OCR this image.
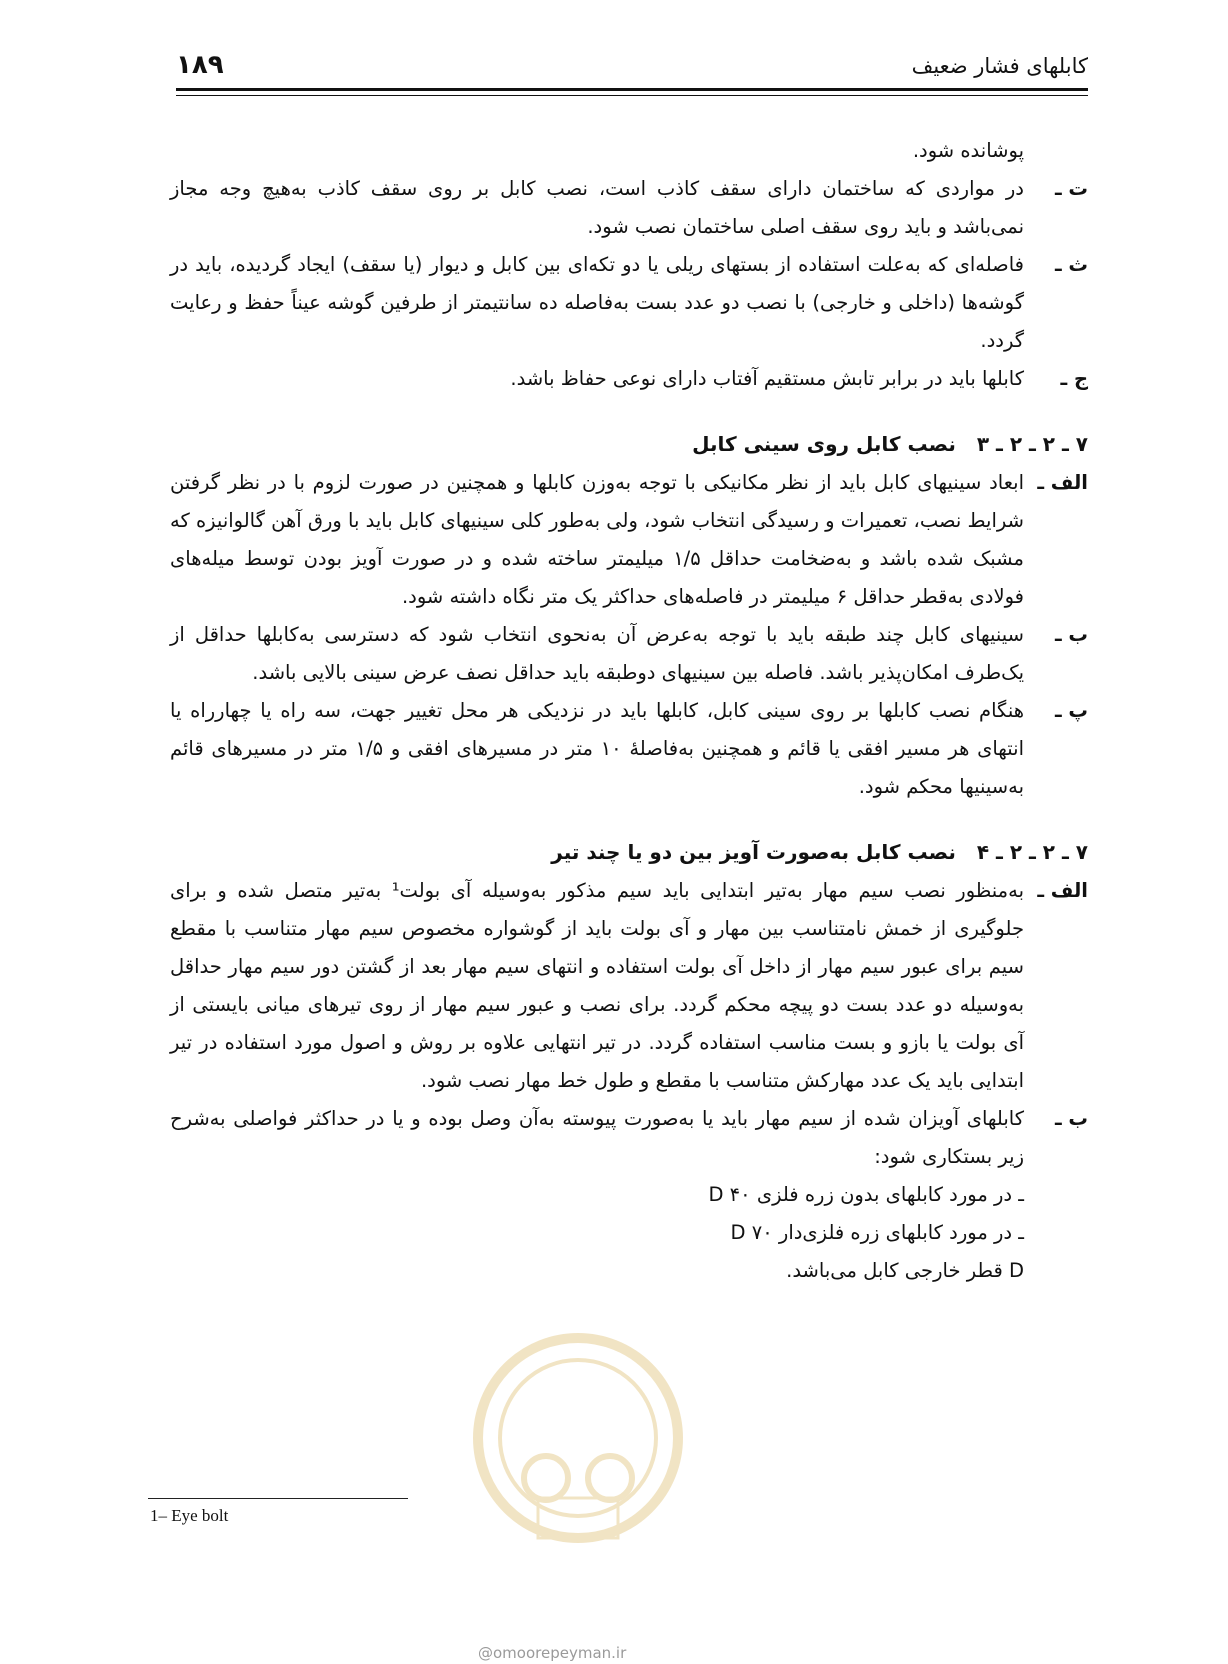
کابلهای فشار ضعیف
۱۸۹
پوشانده شود.
ت ـ
در مواردی که ساختمان دارای سقف کاذب است، نصب کابل بر روی سقف کاذب به‌هیچ وجه مجاز نمی‌باشد و باید روی سقف اصلی ساختمان نصب شود.
ث ـ
فاصله‌ای که به‌علت استفاده از بستهای ریلی یا دو تکه‌ای بین کابل و دیوار (یا سقف) ایجاد گردیده، باید در گوشه‌ها (داخلی و خارجی) با نصب دو عدد بست به‌فاصله ده سانتیمتر از طرفین گوشه عیناً حفظ و رعایت گردد.
ج ـ
کابلها باید در برابر تابش مستقیم آفتاب دارای نوعی حفاظ باشد.
۷ ـ ۲ ـ ۲ ـ ۳ نصب کابل روی سینی کابل
الف ـ
ابعاد سینیهای کابل باید از نظر مکانیکی با توجه به‌وزن کابلها و همچنین در صورت لزوم با در نظر گرفتن شرایط نصب، تعمیرات و رسیدگی انتخاب شود، ولی به‌طور کلی سینیهای کابل باید با ورق آهن گالوانیزه که مشبک شده باشد و به‌ضخامت حداقل ۱/۵ میلیمتر ساخته شده و در صورت آویز بودن توسط میله‌های فولادی به‌قطر حداقل ۶ میلیمتر در فاصله‌های حداکثر یک متر نگاه داشته شود.
ب ـ
سینیهای کابل چند طبقه باید با توجه به‌عرض آن به‌نحوی انتخاب شود که دسترسی به‌کابلها حداقل از یک‌طرف امکان‌پذیر باشد. فاصله بین سینیهای دوطبقه باید حداقل نصف عرض سینی بالایی باشد.
پ ـ
هنگام نصب کابلها بر روی سینی کابل، کابلها باید در نزدیکی هر محل تغییر جهت، سه راه یا چهارراه یا انتهای هر مسیر افقی یا قائم و همچنین به‌فاصلهٔ ۱۰ متر در مسیرهای افقی و ۱/۵ متر در مسیرهای قائم به‌سینیها محکم شود.
۷ ـ ۲ ـ ۲ ـ ۴ نصب کابل به‌صورت آویز بین دو یا چند تیر
الف ـ
به‌منظور نصب سیم مهار به‌تیر ابتدایی باید سیم مذکور به‌وسیله آی بولت¹ به‌تیر متصل شده و برای جلوگیری از خمش نامتناسب بین مهار و آی بولت باید از گوشواره مخصوص سیم مهار متناسب با مقطع سیم برای عبور سیم مهار از داخل آی بولت استفاده و انتهای سیم مهار بعد از گشتن دور سیم مهار حداقل به‌وسیله دو عدد بست دو پیچه محکم گردد. برای نصب و عبور سیم مهار از روی تیرهای میانی بایستی از آی بولت یا بازو و بست مناسب استفاده گردد. در تیر انتهایی علاوه بر روش و اصول مورد استفاده در تیر ابتدایی باید یک عدد مهارکش متناسب با مقطع و طول خط مهار نصب شود.
ب ـ
کابلهای آویزان شده از سیم مهار باید یا به‌صورت پیوسته به‌آن وصل بوده و یا در حداکثر فواصلی به‌شرح زیر بستکاری شود:
ـ در مورد کابلهای بدون زره فلزی ۴۰ D
ـ در مورد کابلهای زره فلزی‌دار ۷۰ D
D قطر خارجی کابل می‌باشد.
1– Eye bolt
@omoorepeyman.ir
